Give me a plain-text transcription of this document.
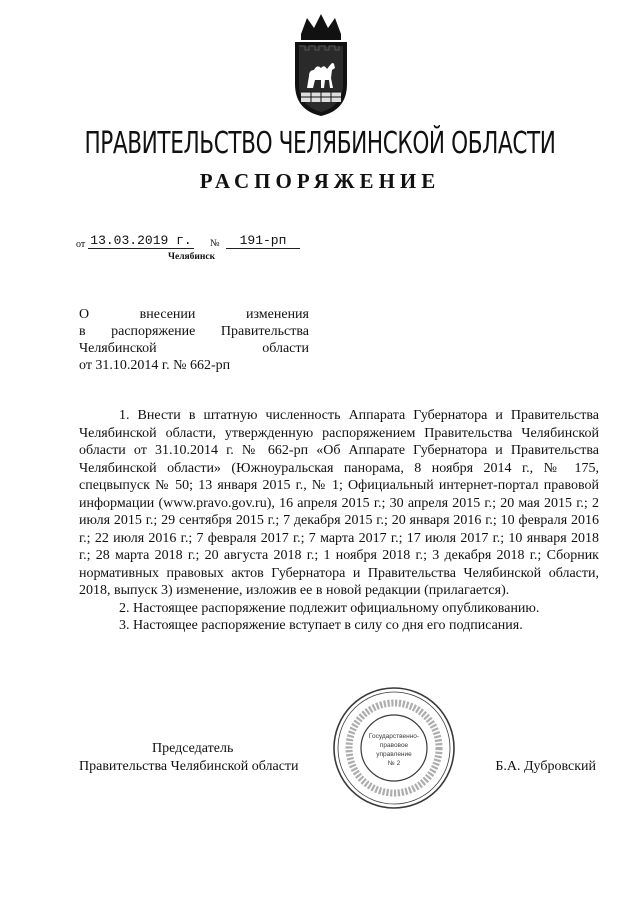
ПРАВИТЕЛЬСТВО ЧЕЛЯБИНСКОЙ ОБЛАСТИ
РАСПОРЯЖЕНИЕ
от 13.03.2019 г. №	191-рп
Челябинск
О внесении изменения
в распоряжение Правительства
Челябинской области
от 31.10.2014 г. № 662-рп

1. Внести в штатную численность Аппарата Губернатора и Правительства Челябинской области, утвержденную распоряжением Правительства Челябинской области от 31.10.2014 г. № 662-рп «Об Аппарате Губернатора и Правительства Челябинской области» (Южноуральская панорама, 8 ноября 2014 г., № 175, спецвыпуск № 50; 13 января 2015 г., № 1; Официальный интернет-портал правовой информации (www.pravo.gov.ru), 16 апреля 2015 г.; 30 апреля 2015 г.; 20 мая 2015 г.; 2 июля 2015 г.; 29 сентября 2015 г.; 7 декабря 2015 г.; 20 января 2016 г.; 10 февраля 2016 г.; 22 июля 2016 г.; 7 февраля 2017 г.; 7 марта 2017 г.; 17 июля 2017 г.; 10 января 2018 г.; 28 марта 2018 г.; 20 августа 2018 г.; 1 ноября 2018 г.; 3 декабря 2018 г.; Сборник нормативных правовых актов Губернатора и Правительства Челябинской области, 2018, выпуск 3) изменение, изложив ее в новой редакции (прилагается).

2. Настоящее распоряжение подлежит официальному опубликованию.

3. Настоящее распоряжение вступает в силу со дня его подписания.

Председатель
Правительства Челябинской области	Б.А. Дубровский
Государственно-
правовое
управление
№ 2
